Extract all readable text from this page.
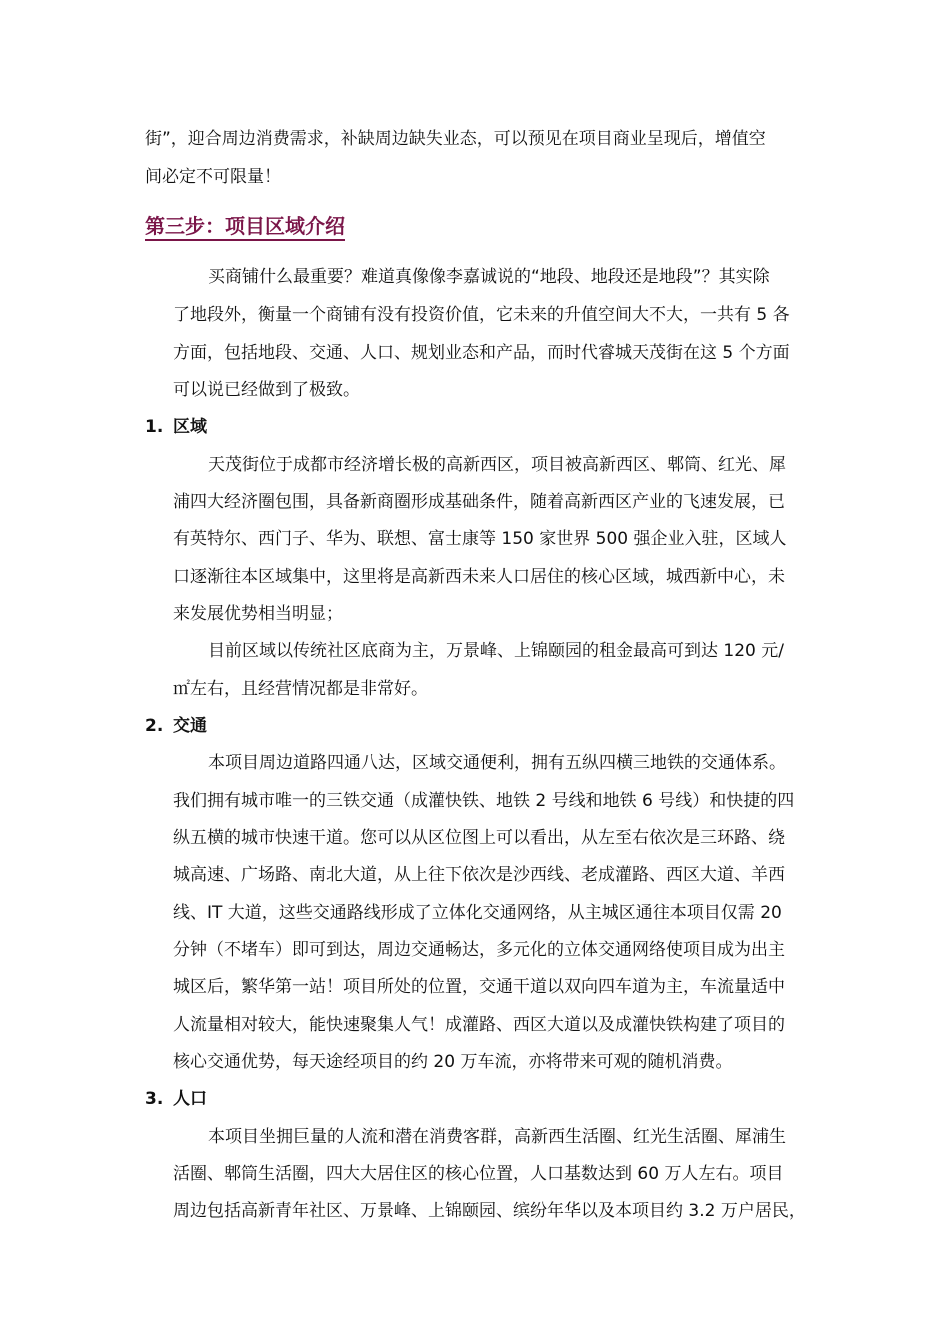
街”，迎合周边消费需求，补缺周边缺失业态，可以预见在项目商业呈现后，增值空
间必定不可限量！
第三步：项目区域介绍
买商铺什么最重要？难道真像像李嘉诚说的“地段、地段还是地段”？其实除
了地段外，衡量一个商铺有没有投资价值，它未来的升值空间大不大，一共有 5 各
方面，包括地段、交通、人口、规划业态和产品，而时代睿城天茂街在这 5 个方面
可以说已经做到了极致。
1. 区域
天茂街位于成都市经济增长极的高新西区，项目被高新西区、郫筒、红光、犀
浦四大经济圈包围，具备新商圈形成基础条件，随着高新西区产业的飞速发展，已
有英特尔、西门子、华为、联想、富士康等 150 家世界 500 强企业入驻，区域人
口逐渐往本区域集中，这里将是高新西未来人口居住的核心区域，城西新中心，未
来发展优势相当明显；
目前区域以传统社区底商为主，万景峰、上锦颐园的租金最高可到达 120 元/
㎡左右，且经营情况都是非常好。
2. 交通
本项目周边道路四通八达，区域交通便利，拥有五纵四横三地铁的交通体系。
我们拥有城市唯一的三铁交通（成灌快铁、地铁 2 号线和地铁 6 号线）和快捷的四
纵五横的城市快速干道。您可以从区位图上可以看出，从左至右依次是三环路、绕
城高速、广场路、南北大道，从上往下依次是沙西线、老成灌路、西区大道、羊西
线、IT 大道，这些交通路线形成了立体化交通网络，从主城区通往本项目仅需 20
分钟（不堵车）即可到达，周边交通畅达，多元化的立体交通网络使项目成为出主
城区后，繁华第一站！项目所处的位置，交通干道以双向四车道为主，车流量适中
人流量相对较大，能快速聚集人气！成灌路、西区大道以及成灌快铁构建了项目的
核心交通优势，每天途经项目的约 20 万车流，亦将带来可观的随机消费。
3. 人口
本项目坐拥巨量的人流和潜在消费客群，高新西生活圈、红光生活圈、犀浦生
活圈、郫筒生活圈，四大大居住区的核心位置，人口基数达到 60 万人左右。项目
周边包括高新青年社区、万景峰、上锦颐园、缤纷年华以及本项目约 3.2 万户居民，
